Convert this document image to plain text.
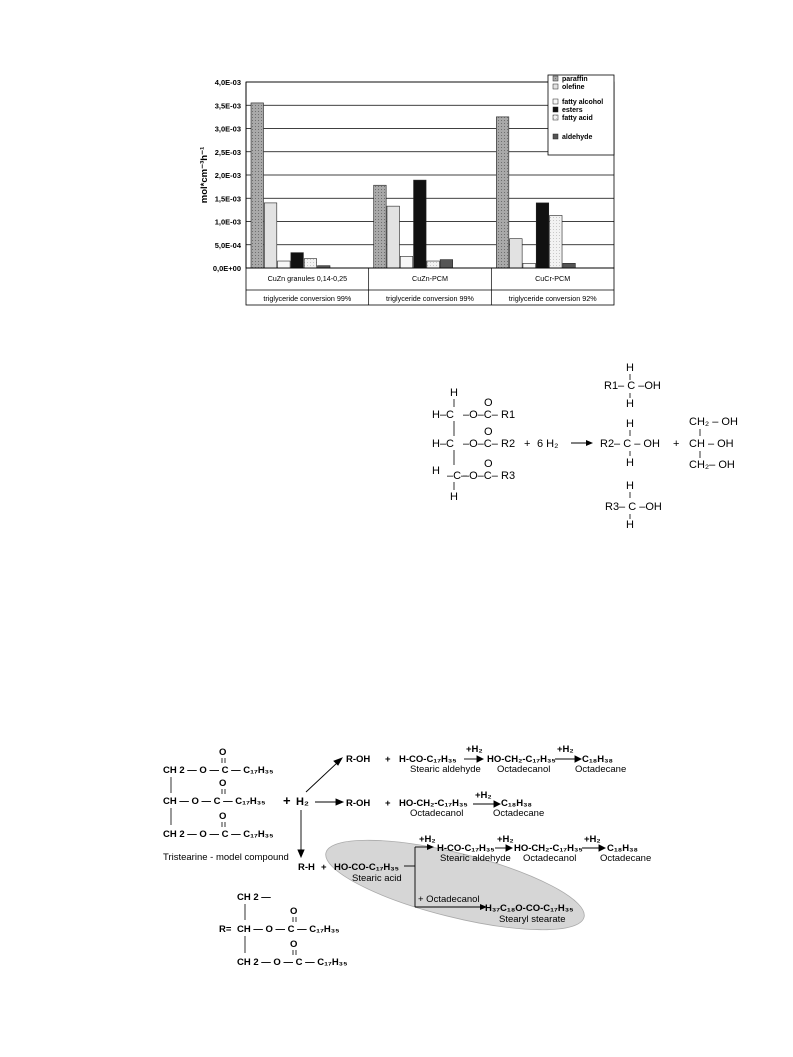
0,0E+00
5,0E-04
1,0E-03
1,5E-03
2,0E-03
2,5E-03
3,0E-03
3,5E-03
4,0E-03
mol*cm⁻³h⁻¹
CuZn granules 0,14-0,25
triglyceride conversion 99%
CuZn-PCM
triglyceride conversion 99%
CuCr-PCM
triglyceride conversion 92%
paraffin
olefine
fatty alcohol
esters
fatty acid
aldehyde
H
H–C –O–C– R1
O
H–C –O–C– R2
O
H –C–
–O–C– R3
O
H
+ 6 H₂
H
R1– C –OH
H
H
R2– C – OH
H
H
R3– C –OH
H
+
CH₂ – OH
CH – OH
CH₂– OH
O
CH 2 — O — C — C₁₇H₃₅
O
CH — O — C — C₁₇H₃₅
O
CH 2 — O — C — C₁₇H₃₅
Tristearine - model compound
+ H₂
R-OH + H-CO-C₁₇H₃₅
Stearic aldehyde
+H₂
HO-CH₂-C₁₇H₃₅
Octadecanol
+H₂
C₁₈H₃₈
Octadecane
R-OH + HO-CH₂-C₁₇H₃₅
Octadecanol
+H₂
C₁₈H₃₈
Octadecane
R-H + HO-CO-C₁₇H₃₅
Stearic acid
+H₂
H-CO-C₁₇H₃₅
Stearic aldehyde
+H₂
HO-CH₂-C₁₇H₃₅
Octadecanol
+H₂
C₁₈H₃₈
Octadecane
+ Octadecanol
H₃₇C₁₈O-CO-C₁₇H₃₅
Stearyl stearate
CH 2 —
O
R= CH — O — C — C₁₇H₃₅
O
CH 2 — O — C — C₁₇H₃₅
